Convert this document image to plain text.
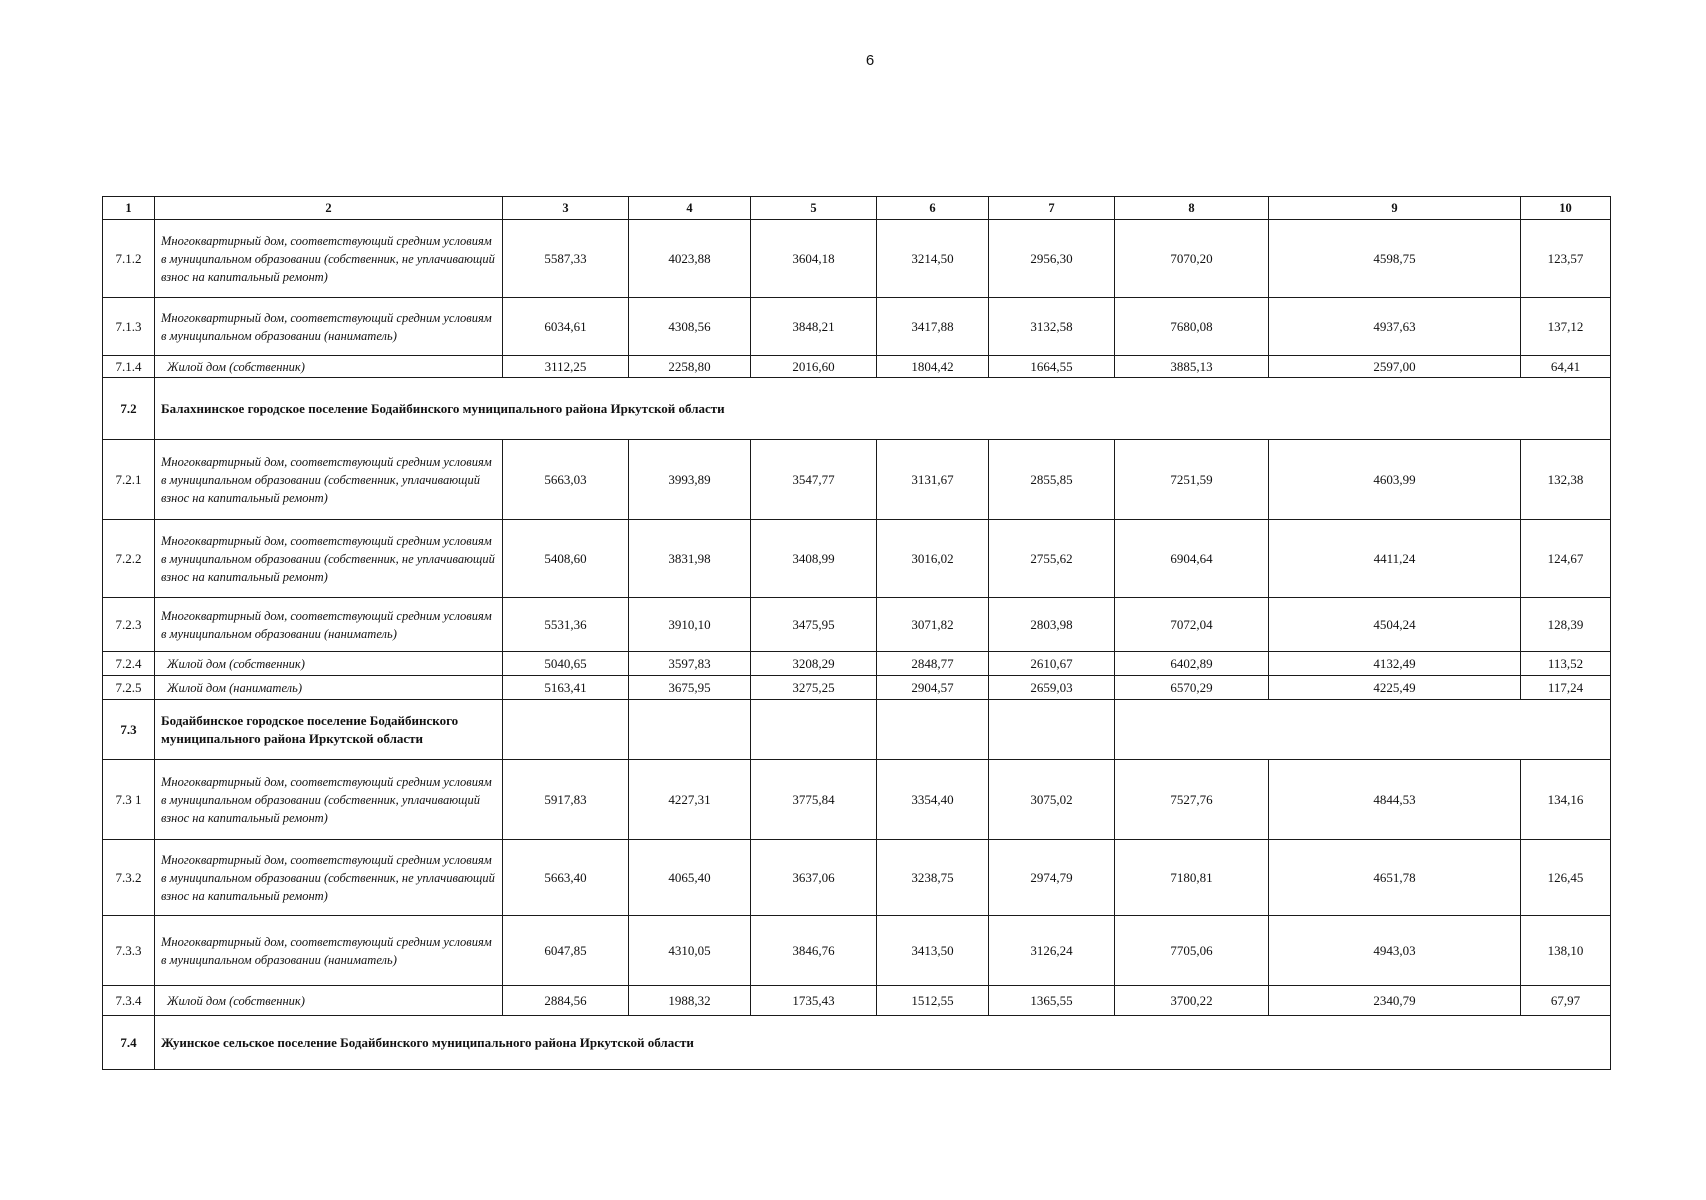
6
1	2	3	4	5	6	7	8	9	10
7.1.2	Многоквартирный дом, соответствующий средним условиям в муниципальном образовании (собственник, не уплачивающий взнос на капитальный ремонт)	5587,33	4023,88	3604,18	3214,50	2956,30	7070,20	4598,75	123,57
7.1.3	Многоквартирный дом, соответствующий средним условиям в муниципальном образовании (наниматель)	6034,61	4308,56	3848,21	3417,88	3132,58	7680,08	4937,63	137,12
7.1.4	Жилой дом (собственник)	3112,25	2258,80	2016,60	1804,42	1664,55	3885,13	2597,00	64,41
7.2	Балахнинское городское поселение Бодайбинского муниципального района Иркутской области								
7.2.1	Многоквартирный дом, соответствующий средним условиям в муниципальном образовании (собственник, уплачивающий взнос на капитальный ремонт)	5663,03	3993,89	3547,77	3131,67	2855,85	7251,59	4603,99	132,38
7.2.2	Многоквартирный дом, соответствующий средним условиям в муниципальном образовании (собственник, не уплачивающий взнос на капитальный ремонт)	5408,60	3831,98	3408,99	3016,02	2755,62	6904,64	4411,24	124,67
7.2.3	Многоквартирный дом, соответствующий средним условиям в муниципальном образовании (наниматель)	5531,36	3910,10	3475,95	3071,82	2803,98	7072,04	4504,24	128,39
7.2.4	Жилой дом (собственник)	5040,65	3597,83	3208,29	2848,77	2610,67	6402,89	4132,49	113,52
7.2.5	Жилой дом (наниматель)	5163,41	3675,95	3275,25	2904,57	2659,03	6570,29	4225,49	117,24
7.3	Бодайбинское городское поселение Бодайбинского муниципального района Иркутской области								
7.3 1	Многоквартирный дом, соответствующий средним условиям в муниципальном образовании (собственник, уплачивающий взнос на капитальный ремонт)	5917,83	4227,31	3775,84	3354,40	3075,02	7527,76	4844,53	134,16
7.3.2	Многоквартирный дом, соответствующий средним условиям в муниципальном образовании (собственник, не уплачивающий взнос на капитальный ремонт)	5663,40	4065,40	3637,06	3238,75	2974,79	7180,81	4651,78	126,45
7.3.3	Многоквартирный дом, соответствующий средним условиям в муниципальном образовании (наниматель)	6047,85	4310,05	3846,76	3413,50	3126,24	7705,06	4943,03	138,10
7.3.4	Жилой дом (собственник)	2884,56	1988,32	1735,43	1512,55	1365,55	3700,22	2340,79	67,97
7.4	Жуинское сельское поселение Бодайбинского муниципального района Иркутской области								
